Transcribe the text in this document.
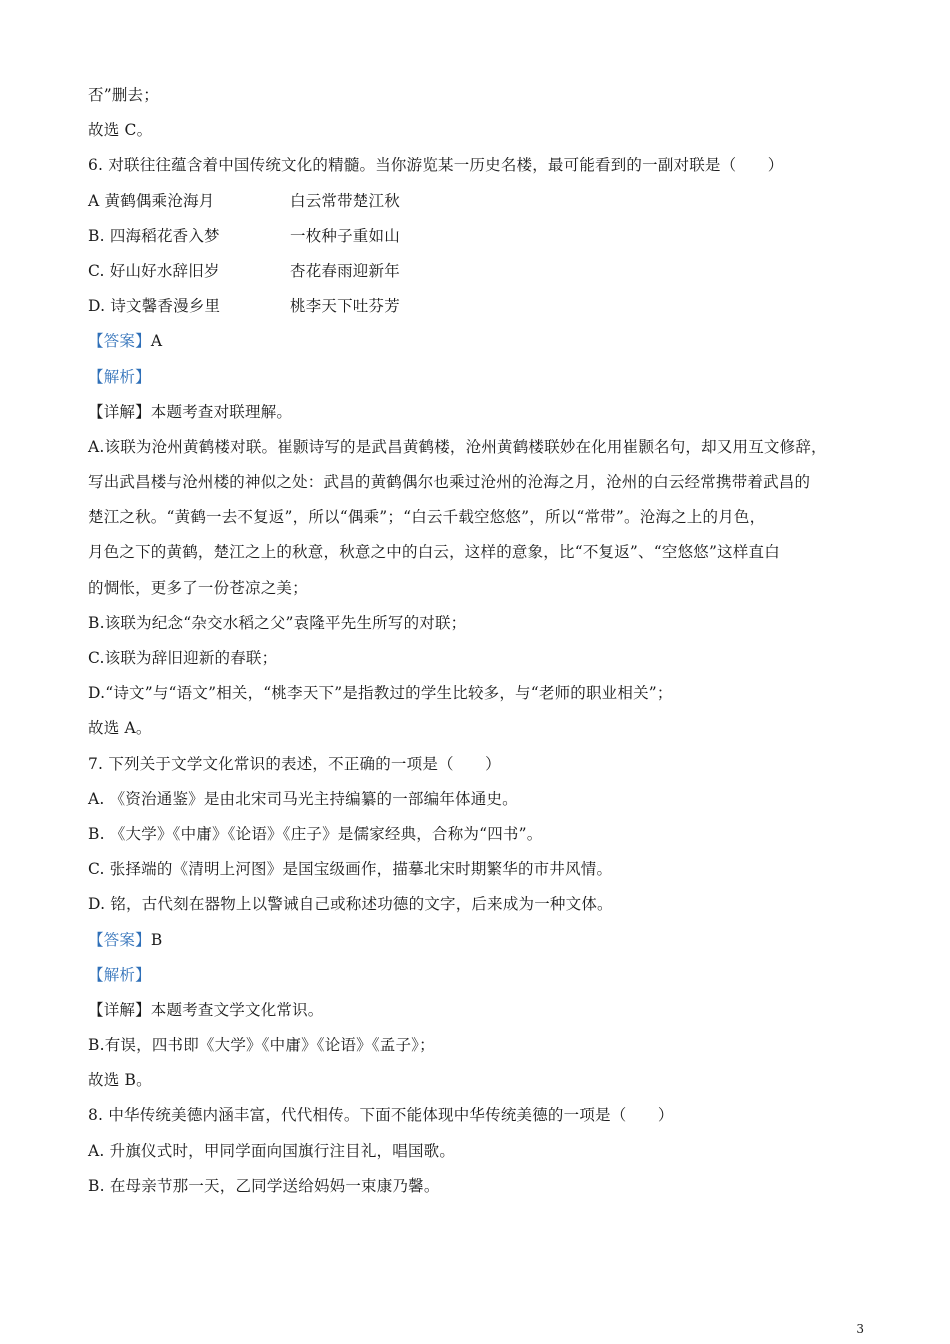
否”删去；
故选 C。
6. 对联往往蕴含着中国传统文化的精髓。当你游览某一历史名楼，最可能看到的一副对联是（　　）
A 黄鹤偶乘沧海月	白云常带楚江秋
B. 四海稻花香入梦	一枚种子重如山
C. 好山好水辞旧岁	杏花春雨迎新年
D. 诗文馨香漫乡里	桃李天下吐芬芳
【答案】A
【解析】
【详解】本题考查对联理解。
A.该联为沧州黄鹤楼对联。崔颢诗写的是武昌黄鹤楼，沧州黄鹤楼联妙在化用崔颢名句，却又用互文修辞，
写出武昌楼与沧州楼的神似之处：武昌的黄鹤偶尔也乘过沧州的沧海之月，沧州的白云经常携带着武昌的
楚江之秋。“黄鹤一去不复返”，所以“偶乘”；“白云千载空悠悠”，所以“常带”。沧海之上的月色，
月色之下的黄鹤，楚江之上的秋意，秋意之中的白云，这样的意象，比“不复返”、“空悠悠”这样直白
的惆怅，更多了一份苍凉之美；
B.该联为纪念“杂交水稻之父”袁隆平先生所写的对联；
C.该联为辞旧迎新的春联；
D.“诗文”与“语文”相关，“桃李天下”是指教过的学生比较多，与“老师的职业相关”；
故选 A。
7. 下列关于文学文化常识的表述，不正确的一项是（　　）
A. 《资治通鉴》是由北宋司马光主持编纂的一部编年体通史。
B. 《大学》《中庸》《论语》《庄子》是儒家经典，合称为“四书”。
C. 张择端的《清明上河图》是国宝级画作，描摹北宋时期繁华的市井风情。
D. 铭，古代刻在器物上以警诫自己或称述功德的文字，后来成为一种文体。
【答案】B
【解析】
【详解】本题考查文学文化常识。
B.有误，四书即《大学》《中庸》《论语》《孟子》；
故选 B。
8. 中华传统美德内涵丰富，代代相传。下面不能体现中华传统美德的一项是（　　）
A. 升旗仪式时，甲同学面向国旗行注目礼，唱国歌。
B. 在母亲节那一天，乙同学送给妈妈一束康乃馨。
3
